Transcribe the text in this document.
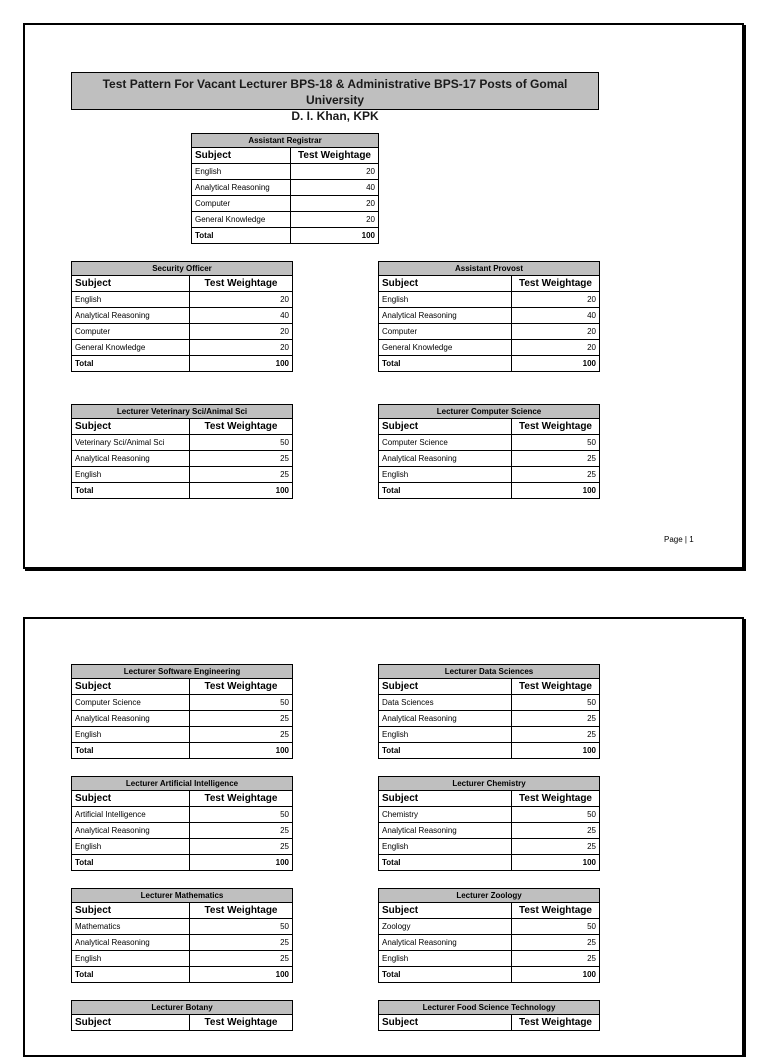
Test Pattern For Vacant Lecturer BPS-18 & Administrative BPS-17 Posts of Gomal University
D. I. Khan, KPK
Assistant Registrar	
Subject	Test Weightage
English	20
Analytical Reasoning	40
Computer	20
General Knowledge	20
Total	100
Security Officer	
Subject	Test Weightage
English	20
Analytical Reasoning	40
Computer	20
General Knowledge	20
Total	100
Assistant Provost	
Subject	Test Weightage
English	20
Analytical Reasoning	40
Computer	20
General Knowledge	20
Total	100
Lecturer Veterinary Sci/Animal Sci	
Subject	Test Weightage
Veterinary Sci/Animal Sci	50
Analytical Reasoning	25
English	25
Total	100
Lecturer Computer Science	
Subject	Test Weightage
Computer Science	50
Analytical Reasoning	25
English	25
Total	100
Page | 1
Lecturer Software Engineering	
Subject	Test Weightage
Computer Science	50
Analytical Reasoning	25
English	25
Total	100
Lecturer Data Sciences	
Subject	Test Weightage
Data Sciences	50
Analytical Reasoning	25
English	25
Total	100
Lecturer Artificial Intelligence	
Subject	Test Weightage
Artificial Intelligence	50
Analytical Reasoning	25
English	25
Total	100
Lecturer Chemistry	
Subject	Test Weightage
Chemistry	50
Analytical Reasoning	25
English	25
Total	100
Lecturer Mathematics	
Subject	Test Weightage
Mathematics	50
Analytical Reasoning	25
English	25
Total	100
Lecturer Zoology	
Subject	Test Weightage
Zoology	50
Analytical Reasoning	25
English	25
Total	100
Lecturer Botany
Subject	Test Weightage
Lecturer Food Science Technology
Subject	Test Weightage
